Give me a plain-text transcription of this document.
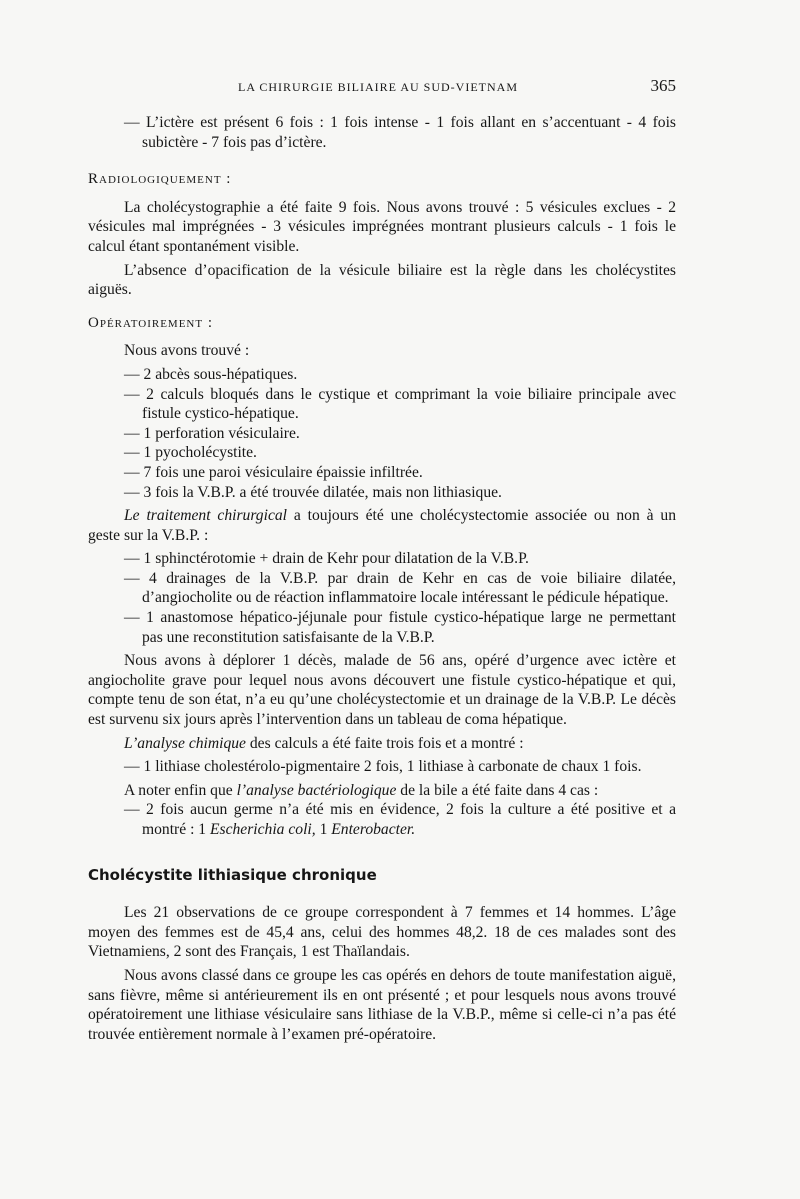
LA CHIRURGIE BILIAIRE AU SUD-VIETNAM	365

— L’ictère est présent 6 fois : 1 fois intense - 1 fois allant en s’accentuant - 4 fois subictère - 7 fois pas d’ictère.

Radiologiquement :

La cholécystographie a été faite 9 fois. Nous avons trouvé : 5 vésicules exclues - 2 vésicules mal imprégnées - 3 vésicules imprégnées montrant plusieurs calculs - 1 fois le calcul étant spontanément visible.

L’absence d’opacification de la vésicule biliaire est la règle dans les cholécystites aiguës.

Opératoirement :

Nous avons trouvé :

— 2 abcès sous-hépatiques.

— 2 calculs bloqués dans le cystique et comprimant la voie biliaire principale avec fistule cystico-hépatique.

— 1 perforation vésiculaire.

— 1 pyocholécystite.

— 7 fois une paroi vésiculaire épaissie infiltrée.

— 3 fois la V.B.P. a été trouvée dilatée, mais non lithiasique.

Le traitement chirurgical a toujours été une cholécystectomie associée ou non à un geste sur la V.B.P. :

— 1 sphinctérotomie + drain de Kehr pour dilatation de la V.B.P.

— 4 drainages de la V.B.P. par drain de Kehr en cas de voie biliaire dilatée, d’angiocholite ou de réaction inflammatoire locale intéressant le pédicule hépatique.

— 1 anastomose hépatico-jéjunale pour fistule cystico-hépatique large ne permettant pas une reconstitution satisfaisante de la V.B.P.

Nous avons à déplorer 1 décès, malade de 56 ans, opéré d’urgence avec ictère et angiocholite grave pour lequel nous avons découvert une fistule cystico-hépatique et qui, compte tenu de son état, n’a eu qu’une cholécystectomie et un drainage de la V.B.P. Le décès est survenu six jours après l’intervention dans un tableau de coma hépatique.

L’analyse chimique des calculs a été faite trois fois et a montré :

— 1 lithiase cholestérolo-pigmentaire 2 fois, 1 lithiase à carbonate de chaux 1 fois.

A noter enfin que l’analyse bactériologique de la bile a été faite dans 4 cas :

— 2 fois aucun germe n’a été mis en évidence, 2 fois la culture a été positive et a montré : 1 Escherichia coli, 1 Enterobacter.

Cholécystite lithiasique chronique

Les 21 observations de ce groupe correspondent à 7 femmes et 14 hommes. L’âge moyen des femmes est de 45,4 ans, celui des hommes 48,2. 18 de ces malades sont des Vietnamiens, 2 sont des Français, 1 est Thaïlandais.

Nous avons classé dans ce groupe les cas opérés en dehors de toute manifestation aiguë, sans fièvre, même si antérieurement ils en ont présenté ; et pour lesquels nous avons trouvé opératoirement une lithiase vésiculaire sans lithiase de la V.B.P., même si celle-ci n’a pas été trouvée entièrement normale à l’examen pré-opératoire.
